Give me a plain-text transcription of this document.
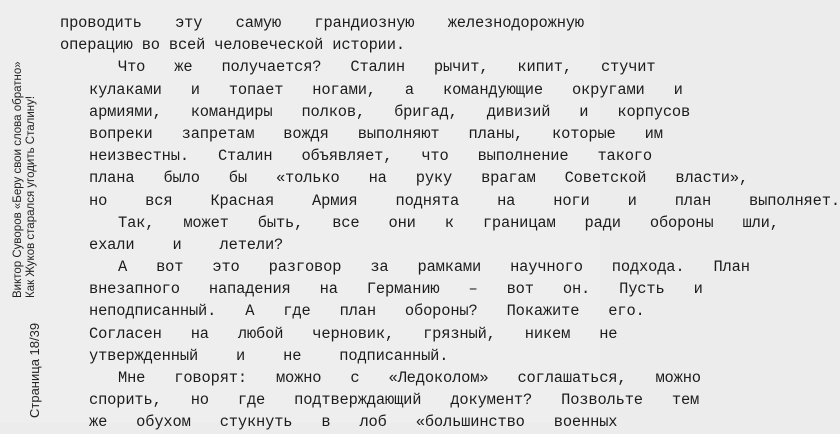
Страница 18/39
Виктор Суворов «Беру свои слова обратно» Как Жуков старался угодить Сталину!
проводить эту самую грандиозную железнодорожную
операцию во всей человеческой истории.
Что	же	получается?	Сталин	рычит,	кипит,	стучит
кулаками	и	топает	ногами,	а	командующие	округами	и
армиями,	командиры	полков,	бригад,	дивизий	и	корпусов
вопреки	запретам	вождя	выполняют	планы,	которые	им
неизвестны.	Сталин	объявляет,	что	выполнение	такого
плана	было	бы	«только	на	руку	врагам	Советской	власти»,
но	вся	Красная	Армия	поднята	на	ноги	и	план	выполняет.
Так,	может	быть,	все	они	к	границам	ради	обороны	шли,
ехали	и	летели?
А	вот	это	разговор	за	рамками	научного	подхода.	План
внезапного	нападения	на	Германию	–	вот	он.	Пусть	и
неподписанный.	А	где	план	обороны?	Покажите	его.
Согласен	на	любой	черновик,	грязный,	никем	не
утвержденный	и	не	подписанный.
Мне	говорят:	можно	с	«Ледоколом»	соглашаться,	можно
спорить,	но	где	подтверждающий	документ?	Позвольте	тем
же	обухом	стукнуть	в	лоб	«большинство	военных
